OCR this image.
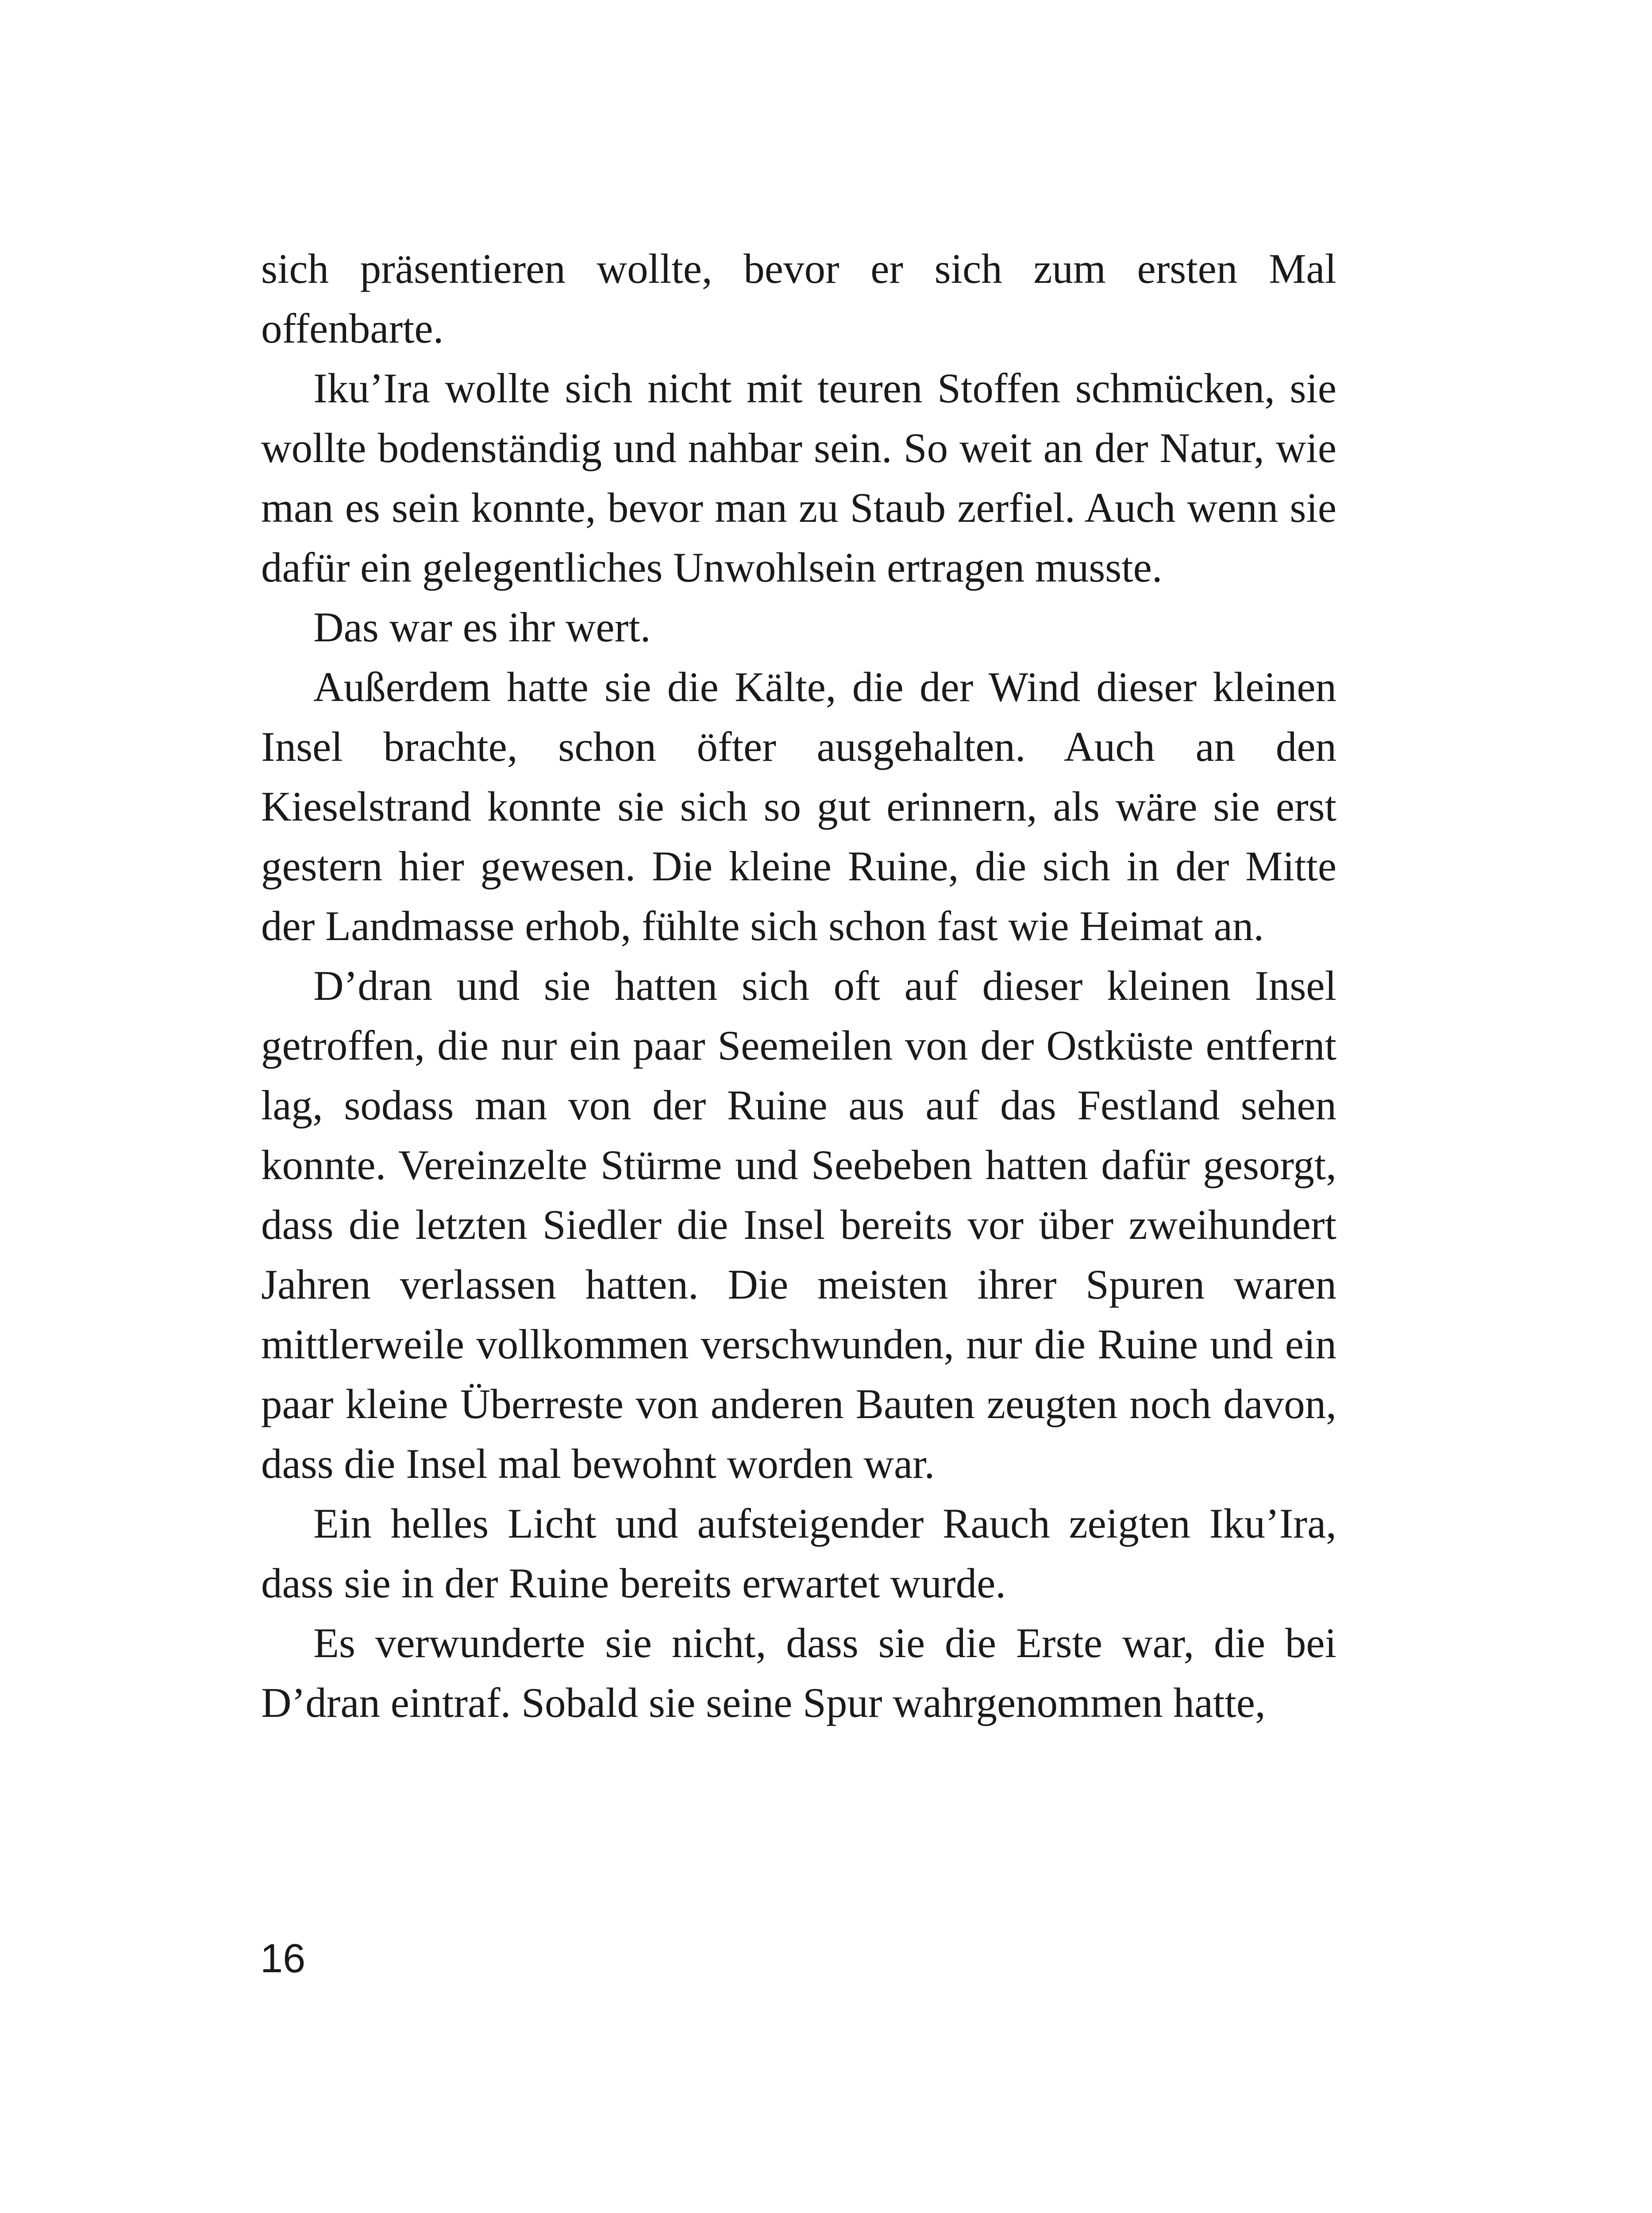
sich präsentieren wollte, bevor er sich zum ersten Mal offenbarte.

Iku’Ira wollte sich nicht mit teuren Stoffen schmücken, sie wollte bodenständig und nahbar sein. So weit an der Natur, wie man es sein konnte, bevor man zu Staub zerfiel. Auch wenn sie dafür ein gelegentliches Unwohlsein ertragen musste.

Das war es ihr wert.

Außerdem hatte sie die Kälte, die der Wind dieser kleinen Insel brachte, schon öfter ausgehalten. Auch an den Kieselstrand konnte sie sich so gut erinnern, als wäre sie erst gestern hier gewesen. Die kleine Ruine, die sich in der Mitte der Landmasse erhob, fühlte sich schon fast wie Heimat an.

D’dran und sie hatten sich oft auf dieser kleinen Insel getroffen, die nur ein paar Seemeilen von der Ostküste entfernt lag, sodass man von der Ruine aus auf das Festland sehen konnte. Vereinzelte Stürme und Seebeben hatten dafür gesorgt, dass die letzten Siedler die Insel bereits vor über zweihundert Jahren verlassen hatten. Die meisten ihrer Spuren waren mittlerweile vollkommen verschwunden, nur die Ruine und ein paar kleine Überreste von anderen Bauten zeugten noch davon, dass die Insel mal bewohnt worden war.

Ein helles Licht und aufsteigender Rauch zeigten Iku’Ira, dass sie in der Ruine bereits erwartet wurde.

Es verwunderte sie nicht, dass sie die Erste war, die bei D’dran eintraf. Sobald sie seine Spur wahrgenommen hatte,

16
